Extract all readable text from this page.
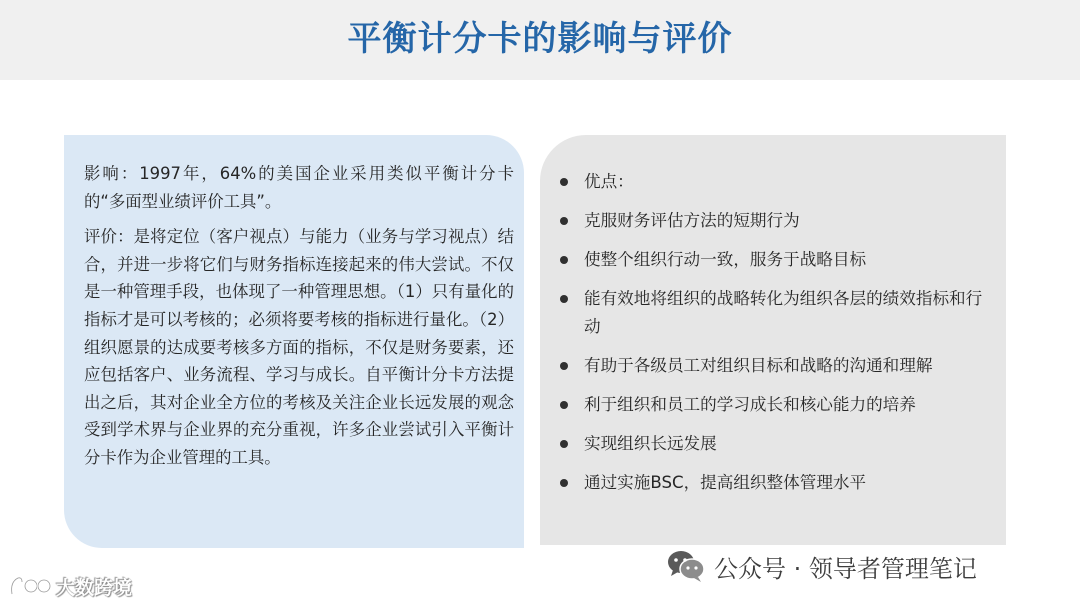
平衡计分卡的影响与评价

影响：1997年，64%的美国企业采用类似平衡计分卡的“多面型业绩评价工具”。

评价：是将定位（客户视点）与能力（业务与学习视点）结合，并进一步将它们与财务指标连接起来的伟大尝试。不仅是一种管理手段，也体现了一种管理思想。（1）只有量化的指标才是可以考核的；必须将要考核的指标进行量化。（2）组织愿景的达成要考核多方面的指标，不仅是财务要素，还应包括客户、业务流程、学习与成长。自平衡计分卡方法提出之后，其对企业全方位的考核及关注企业长远发展的观念受到学术界与企业界的充分重视，许多企业尝试引入平衡计分卡作为企业管理的工具。

优点：
克服财务评估方法的短期行为
使整个组织行动一致，服务于战略目标
能有效地将组织的战略转化为组织各层的绩效指标和行动
有助于各级员工对组织目标和战略的沟通和理解
利于组织和员工的学习成长和核心能力的培养
实现组织长远发展
通过实施BSC，提高组织整体管理水平
公众号 · 领导者管理笔记
大数跨境
